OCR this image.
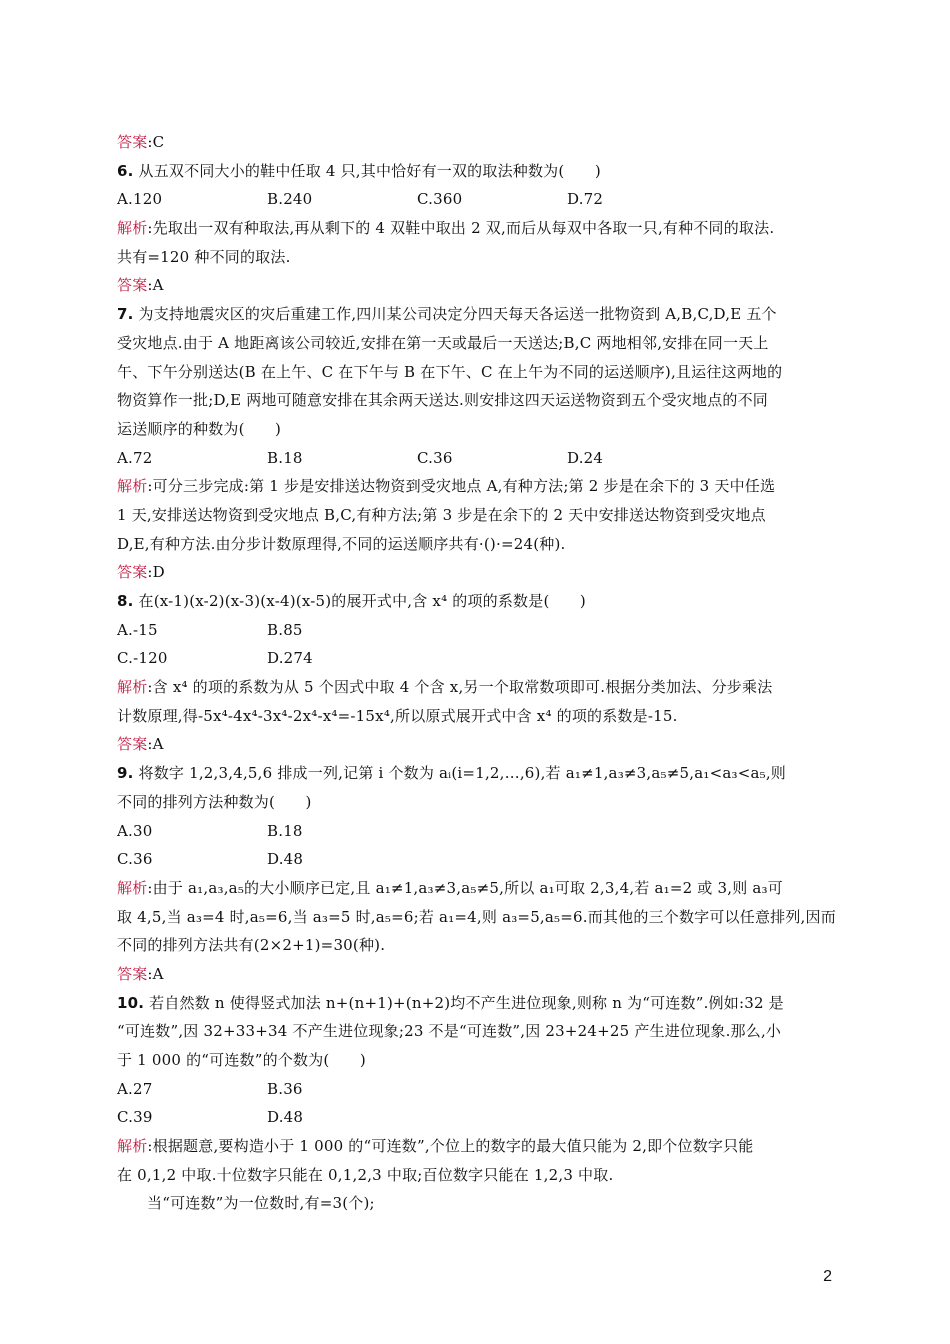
答案:C
6. 从五双不同大小的鞋中任取 4 只,其中恰好有一双的取法种数为(　　)
A.120	B.240	C.360	D.72
解析:先取出一双有种取法,再从剩下的 4 双鞋中取出 2 双,而后从每双中各取一只,有种不同的取法.
共有=120 种不同的取法.
答案:A
7. 为支持地震灾区的灾后重建工作,四川某公司决定分四天每天各运送一批物资到 A,B,C,D,E 五个
受灾地点.由于 A 地距离该公司较近,安排在第一天或最后一天送达;B,C 两地相邻,安排在同一天上
午、下午分别送达(B 在上午、C 在下午与 B 在下午、C 在上午为不同的运送顺序),且运往这两地的
物资算作一批;D,E 两地可随意安排在其余两天送达.则安排这四天运送物资到五个受灾地点的不同
运送顺序的种数为(　　)
A.72	B.18	C.36	D.24
解析:可分三步完成:第 1 步是安排送达物资到受灾地点 A,有种方法;第 2 步是在余下的 3 天中任选
1 天,安排送达物资到受灾地点 B,C,有种方法;第 3 步是在余下的 2 天中安排送达物资到受灾地点
D,E,有种方法.由分步计数原理得,不同的运送顺序共有·()·=24(种).
答案:D
8. 在(x-1)(x-2)(x-3)(x-4)(x-5)的展开式中,含 x⁴ 的项的系数是(　　)
A.-15	B.85
C.-120	D.274
解析:含 x⁴ 的项的系数为从 5 个因式中取 4 个含 x,另一个取常数项即可.根据分类加法、分步乘法
计数原理,得-5x⁴-4x⁴-3x⁴-2x⁴-x⁴=-15x⁴,所以原式展开式中含 x⁴ 的项的系数是-15.
答案:A
9. 将数字 1,2,3,4,5,6 排成一列,记第 i 个数为 aᵢ(i=1,2,…,6),若 a₁≠1,a₃≠3,a₅≠5,a₁<a₃<a₅,则
不同的排列方法种数为(　　)
A.30	B.18
C.36	D.48
解析:由于 a₁,a₃,a₅的大小顺序已定,且 a₁≠1,a₃≠3,a₅≠5,所以 a₁可取 2,3,4,若 a₁=2 或 3,则 a₃可
取 4,5,当 a₃=4 时,a₅=6,当 a₃=5 时,a₅=6;若 a₁=4,则 a₃=5,a₅=6.而其他的三个数字可以任意排列,因而
不同的排列方法共有(2×2+1)=30(种).
答案:A
10. 若自然数 n 使得竖式加法 n+(n+1)+(n+2)均不产生进位现象,则称 n 为“可连数”.例如:32 是
“可连数”,因 32+33+34 不产生进位现象;23 不是“可连数”,因 23+24+25 产生进位现象.那么,小
于 1 000 的“可连数”的个数为(　　)
A.27	B.36
C.39	D.48
解析:根据题意,要构造小于 1 000 的“可连数”,个位上的数字的最大值只能为 2,即个位数字只能
在 0,1,2 中取.十位数字只能在 0,1,2,3 中取;百位数字只能在 1,2,3 中取.
当“可连数”为一位数时,有=3(个);
2
